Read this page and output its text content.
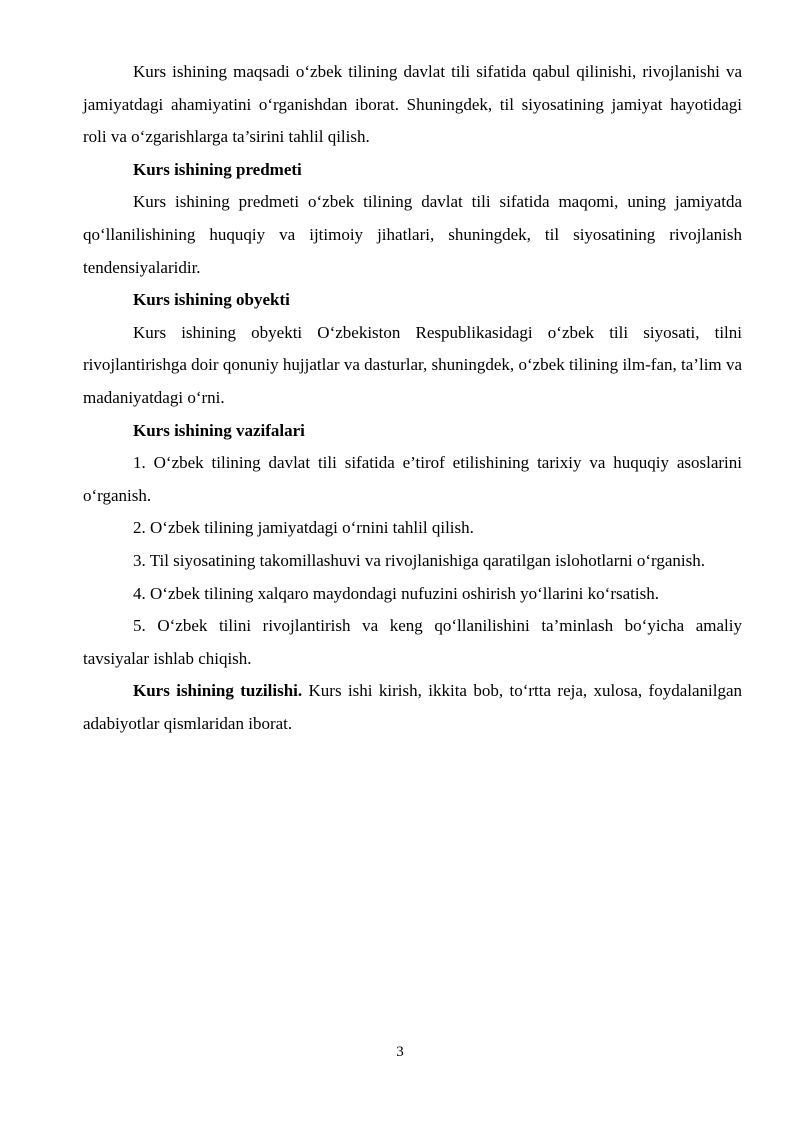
Kurs ishining maqsadi o‘zbek tilining davlat tili sifatida qabul qilinishi, rivojlanishi va jamiyatdagi ahamiyatini o‘rganishdan iborat. Shuningdek, til siyosatining jamiyat hayotidagi roli va o‘zgarishlarga ta’sirini tahlil qilish.

Kurs ishining predmeti

Kurs ishining predmeti o‘zbek tilining davlat tili sifatida maqomi, uning jamiyatda qo‘llanilishining huquqiy va ijtimoiy jihatlari, shuningdek, til siyosatining rivojlanish tendensiyalaridir.

Kurs ishining obyekti

Kurs ishining obyekti O‘zbekiston Respublikasidagi o‘zbek tili siyosati, tilni rivojlantirishga doir qonuniy hujjatlar va dasturlar, shuningdek, o‘zbek tilining ilm-fan, ta’lim va madaniyatdagi o‘rni.

Kurs ishining vazifalari

1. O‘zbek tilining davlat tili sifatida e’tirof etilishining tarixiy va huquqiy asoslarini o‘rganish.

2. O‘zbek tilining jamiyatdagi o‘rnini tahlil qilish.

3. Til siyosatining takomillashuvi va rivojlanishiga qaratilgan islohotlarni o‘rganish.

4. O‘zbek tilining xalqaro maydondagi nufuzini oshirish yo‘llarini ko‘rsatish.

5. O‘zbek tilini rivojlantirish va keng qo‘llanilishini ta’minlash bo‘yicha amaliy tavsiyalar ishlab chiqish.

Kurs ishining tuzilishi. Kurs ishi kirish, ikkita bob, to‘rtta reja, xulosa, foydalanilgan adabiyotlar qismlaridan iborat.

3
